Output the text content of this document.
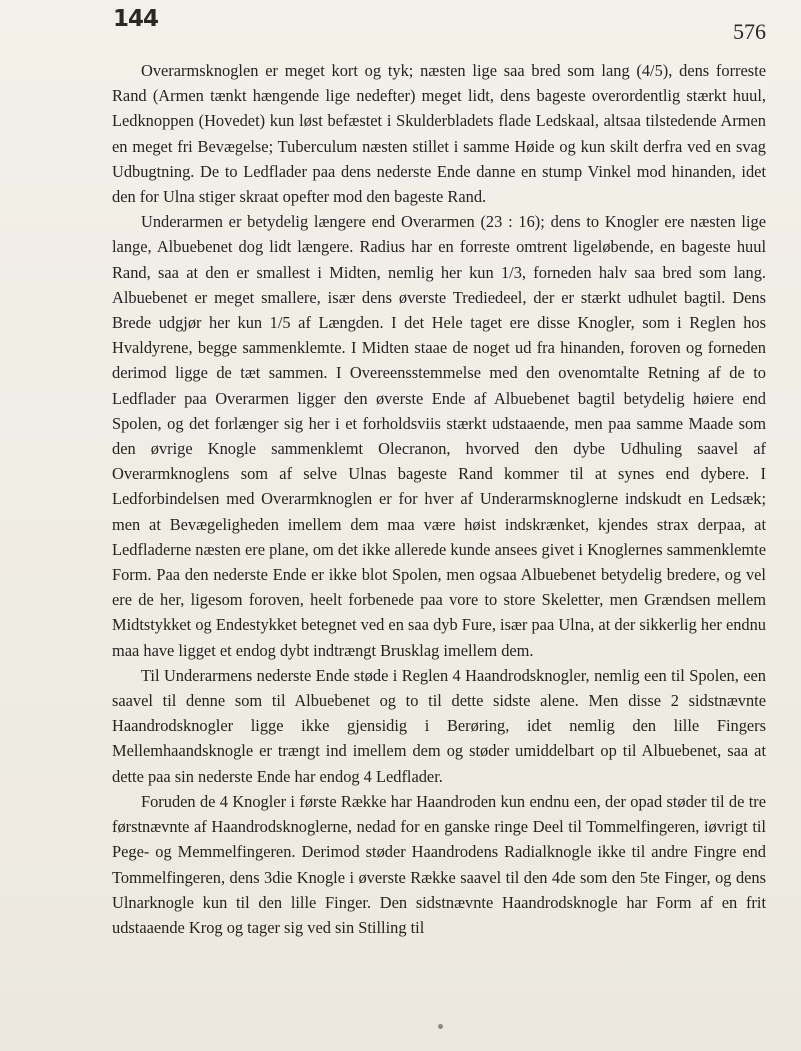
144	576

Overarmsknoglen er meget kort og tyk; næsten lige saa bred som lang (4/5), dens forreste Rand (Armen tænkt hængende lige nedefter) meget lidt, dens bageste overordentlig stærkt huul, Ledknoppen (Hovedet) kun løst befæstet i Skulderbladets flade Ledskaal, altsaa tilstedende Armen en meget fri Bevægelse; Tuberculum næsten stillet i samme Høide og kun skilt derfra ved en svag Udbugtning. De to Ledflader paa dens nederste Ende danne en stump Vinkel mod hinanden, idet den for Ulna stiger skraat opefter mod den bageste Rand.

Underarmen er betydelig længere end Overarmen (23 : 16); dens to Knogler ere næsten lige lange, Albuebenet dog lidt længere. Radius har en forreste omtrent ligeløbende, en bageste huul Rand, saa at den er smallest i Midten, nemlig her kun 1/3, forneden halv saa bred som lang. Albuebenet er meget smallere, især dens øverste Trediedeel, der er stærkt udhulet bagtil. Dens Brede udgjør her kun 1/5 af Længden. I det Hele taget ere disse Knogler, som i Reglen hos Hvaldyrene, begge sammenklemte. I Midten staae de noget ud fra hinanden, foroven og forneden derimod ligge de tæt sammen. I Overeensstemmelse med den ovenomtalte Retning af de to Ledflader paa Overarmen ligger den øverste Ende af Albuebenet bagtil betydelig høiere end Spolen, og det forlænger sig her i et forholdsviis stærkt udstaaende, men paa samme Maade som den øvrige Knogle sammenklemt Olecranon, hvorved den dybe Udhuling saavel af Overarmknoglens som af selve Ulnas bageste Rand kommer til at synes end dybere. I Ledforbindelsen med Overarmknoglen er for hver af Underarmsknoglerne indskudt en Ledsæk; men at Bevægeligheden imellem dem maa være høist indskrænket, kjendes strax derpaa, at Ledfladerne næsten ere plane, om det ikke allerede kunde ansees givet i Knoglernes sammenklemte Form. Paa den nederste Ende er ikke blot Spolen, men ogsaa Albuebenet betydelig bredere, og vel ere de her, ligesom foroven, heelt forbenede paa vore to store Skeletter, men Grændsen mellem Midtstykket og Endestykket betegnet ved en saa dyb Fure, især paa Ulna, at der sikkerlig her endnu maa have ligget et endog dybt indtrængt Brusklag imellem dem.

Til Underarmens nederste Ende støde i Reglen 4 Haandrodsknogler, nemlig een til Spolen, een saavel til denne som til Albuebenet og to til dette sidste alene. Men disse 2 sidstnævnte Haandrodsknogler ligge ikke gjensidig i Berøring, idet nemlig den lille Fingers Mellemhaandsknogle er trængt ind imellem dem og støder umiddelbart op til Albuebenet, saa at dette paa sin nederste Ende har endog 4 Ledflader.

Foruden de 4 Knogler i første Række har Haandroden kun endnu een, der opad støder til de tre førstnævnte af Haandrodsknoglerne, nedad for en ganske ringe Deel til Tommelfingeren, iøvrigt til Pege- og Memmelfingeren. Derimod støder Haandrodens Radialknogle ikke til andre Fingre end Tommelfingeren, dens 3die Knogle i øverste Række saavel til den 4de som den 5te Finger, og dens Ulnarknogle kun til den lille Finger. Den sidstnævnte Haandrodsknogle har Form af en frit udstaaende Krog og tager sig ved sin Stilling til
